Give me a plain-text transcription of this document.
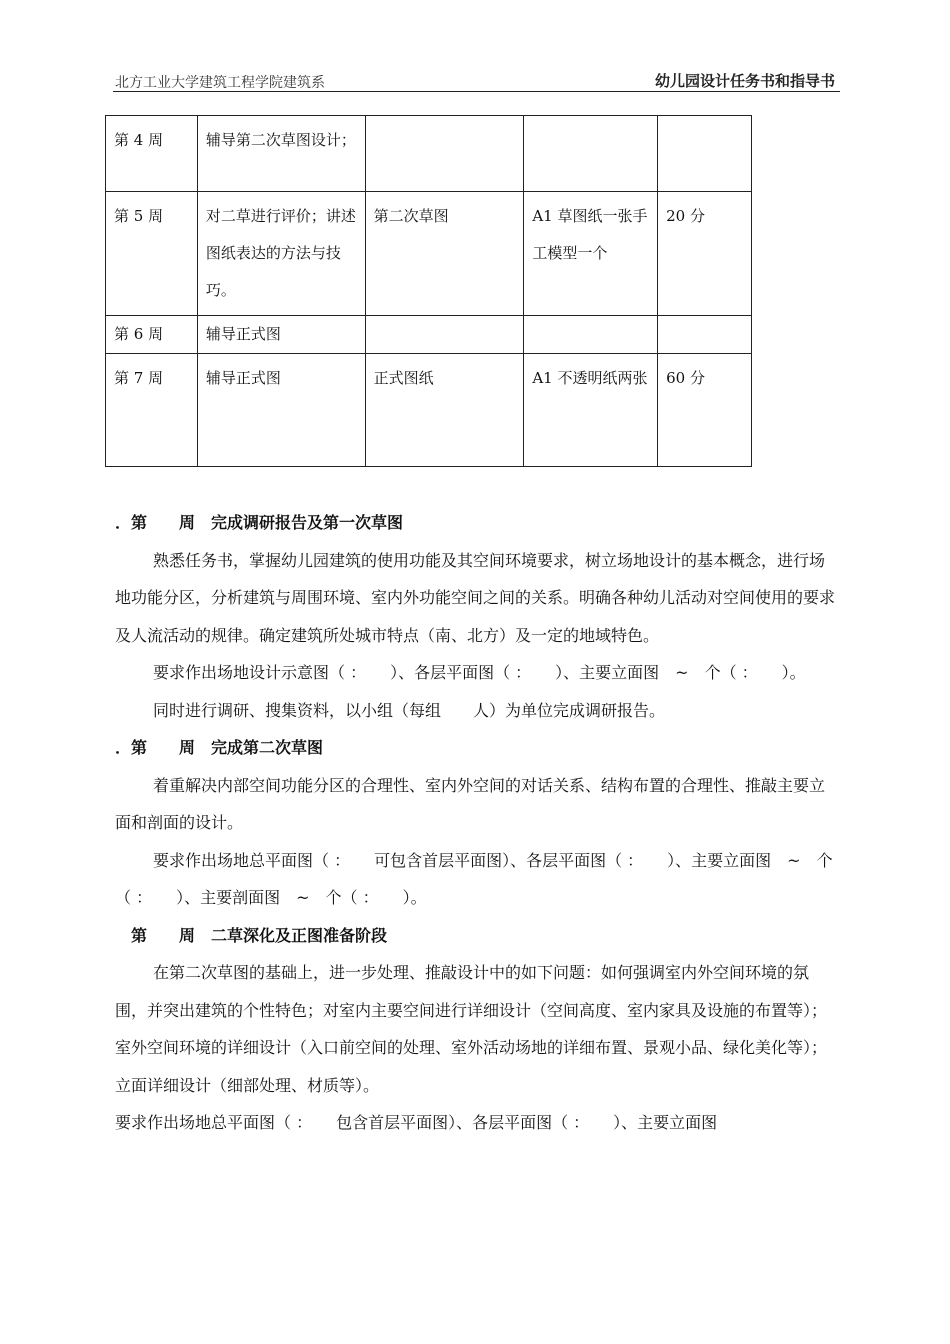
北方工业大学建筑工程学院建筑系	幼儿园设计任务书和指导书
第 4 周	辅导第二次草图设计；			
第 5 周	对二草进行评价；讲述图纸表达的方法与技巧。	第二次草图	A1 草图纸一张手工模型一个	20 分
第 6 周	辅导正式图			
第 7 周	辅导正式图	正式图纸	A1 不透明纸两张	60 分

．第　　周　完成调研报告及第一次草图

熟悉任务书，掌握幼儿园建筑的使用功能及其空间环境要求，树立场地设计的基本概念，进行场地功能分区，分析建筑与周围环境、室内外功能空间之间的关系。明确各种幼儿活动对空间使用的要求及人流活动的规律。确定建筑所处城市特点（南、北方）及一定的地域特色。

要求作出场地设计示意图（ ：　　）、各层平面图（ ：　　）、主要立面图　~　个（ ：　　）。

同时进行调研、搜集资料，以小组（每组　　人）为单位完成调研报告。

．第　　周　完成第二次草图

着重解决内部空间功能分区的合理性、室内外空间的对话关系、结构布置的合理性、推敲主要立面和剖面的设计。

要求作出场地总平面图（ ：　　可包含首层平面图）、各层平面图（ ：　　）、主要立面图　~　个（ ：　　）、主要剖面图　~　个（ ：　　）。

　第　　周　二草深化及正图准备阶段

在第二次草图的基础上，进一步处理、推敲设计中的如下问题：如何强调室内外空间环境的氛围，并突出建筑的个性特色；对室内主要空间进行详细设计（空间高度、室内家具及设施的布置等）；室外空间环境的详细设计（入口前空间的处理、室外活动场地的详细布置、景观小品、绿化美化等）；立面详细设计（细部处理、材质等）。

要求作出场地总平面图（ ：　　包含首层平面图）、各层平面图（ ：　　）、主要立面图
